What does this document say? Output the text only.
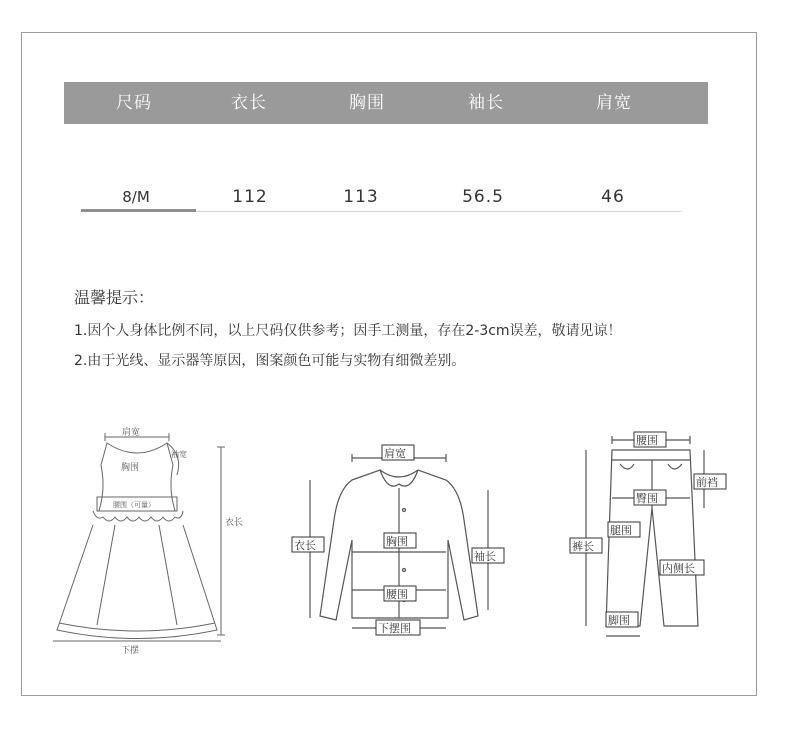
尺码	衣长	胸围	袖长	肩宽
8/M	112	113	56.5	46
温馨提示：
1.因个人身体比例不同，以上尺码仅供参考；因手工测量，存在2-3cm误差，敬请见谅！
2.由于光线、显示器等原因，图案颜色可能与实物有细微差别。
肩宽
胸围
袖宽
腰围（可量）
衣长
下摆
肩宽
衣长	胸围
袖长
腰围
下摆围
腰围
前裆
臀围
裤长
腿围
内侧长
脚围
